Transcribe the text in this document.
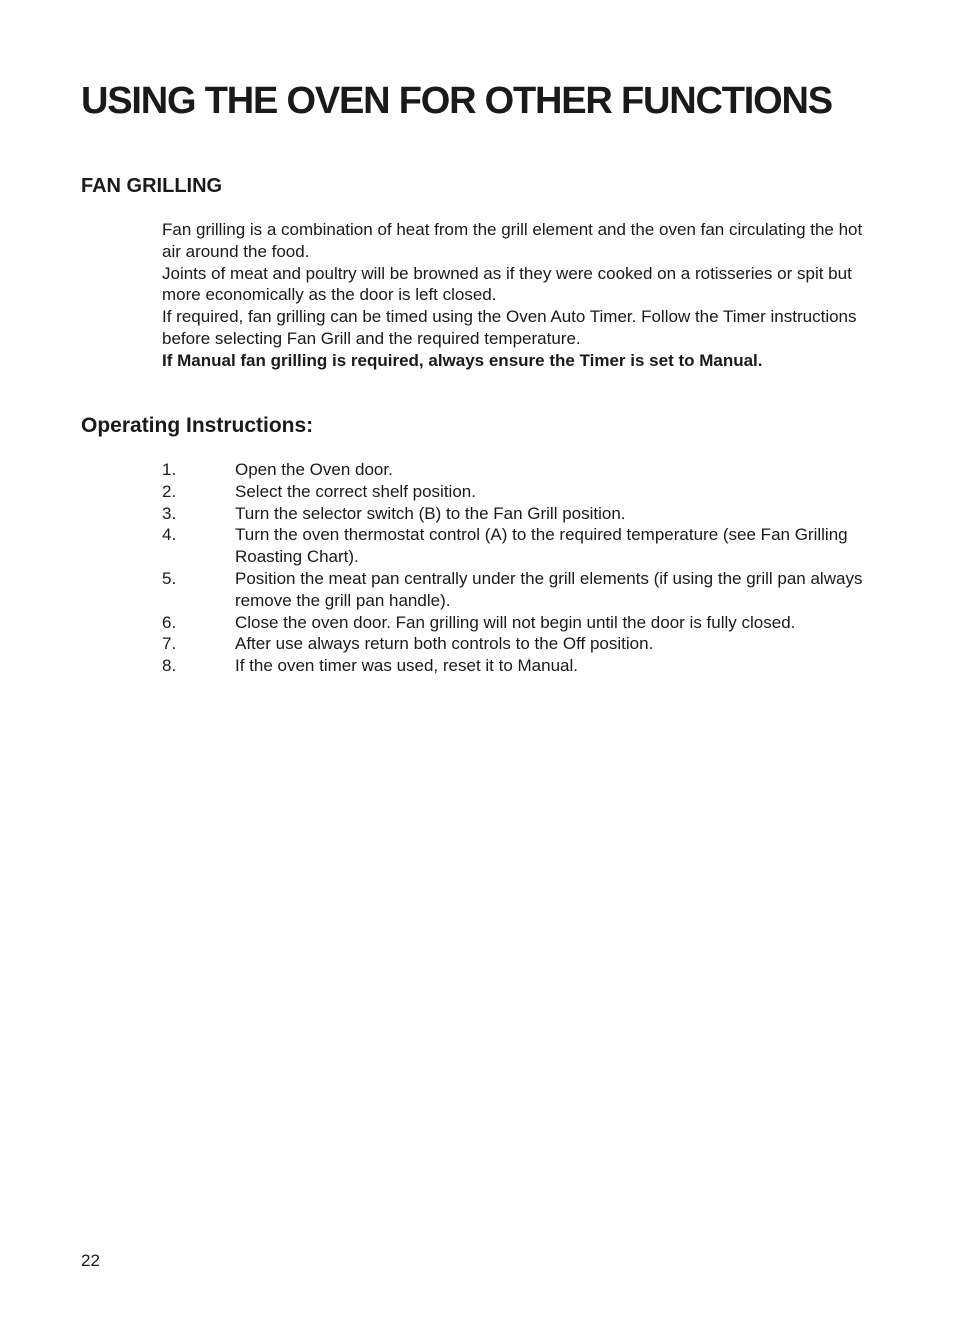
USING THE OVEN FOR OTHER FUNCTIONS
FAN GRILLING

Fan grilling is a combination of heat from the grill element and the oven fan circulating the hot air around the food.

Joints of meat and poultry will be browned as if they were cooked on a rotisseries or spit but more economically as the door is left closed.

If required, fan grilling can be timed using the Oven Auto Timer. Follow the Timer instructions before selecting Fan Grill and the required temperature.

If Manual fan grilling is required, always ensure the Timer is set to Manual.

Operating Instructions:
1.	Open the Oven door.
2.	Select the correct shelf position.
3.	Turn the selector switch (B) to the Fan Grill position.
4.	Turn the oven thermostat control (A) to the required temperature (see Fan Grilling Roasting Chart).
5.	Position the meat pan centrally under the grill elements (if using the grill pan always remove the grill pan handle).
6.	Close the oven door. Fan grilling will not begin until the door is fully closed.
7.	After use always return both controls to the Off position.
8.	If the oven timer was used, reset it to Manual.
22
